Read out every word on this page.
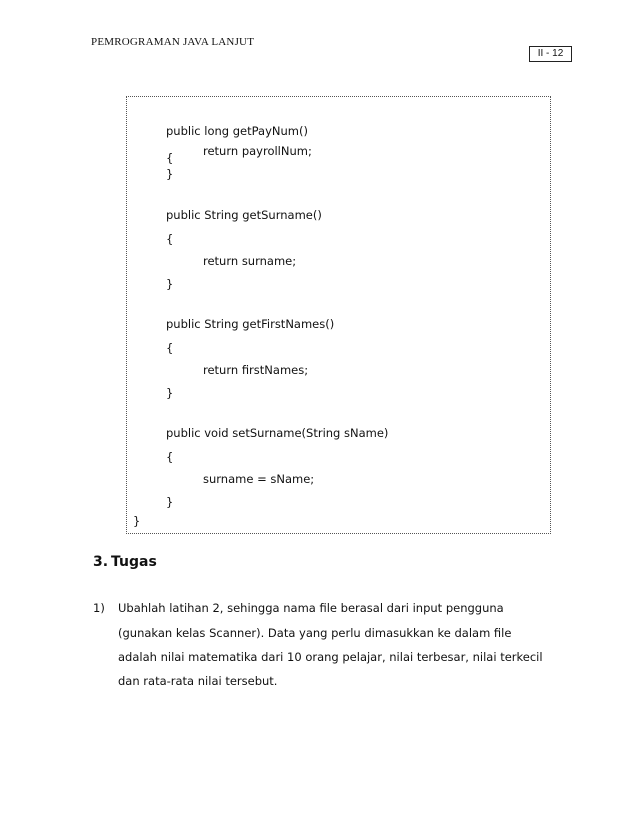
PEMROGRAMAN JAVA LANJUT
II - 12
public long getPayNum()
{	return payrollNum;
}
public String getSurname()
{
return surname;
}
public String getFirstNames()
{
return firstNames;
}
public void setSurname(String sName)
{
surname = sName;
}
}
3. Tugas
1) Ubahlah latihan 2, sehingga nama file berasal dari input pengguna
(gunakan kelas Scanner). Data yang perlu dimasukkan ke dalam file
adalah nilai matematika dari 10 orang pelajar, nilai terbesar, nilai terkecil
dan rata-rata nilai tersebut.
